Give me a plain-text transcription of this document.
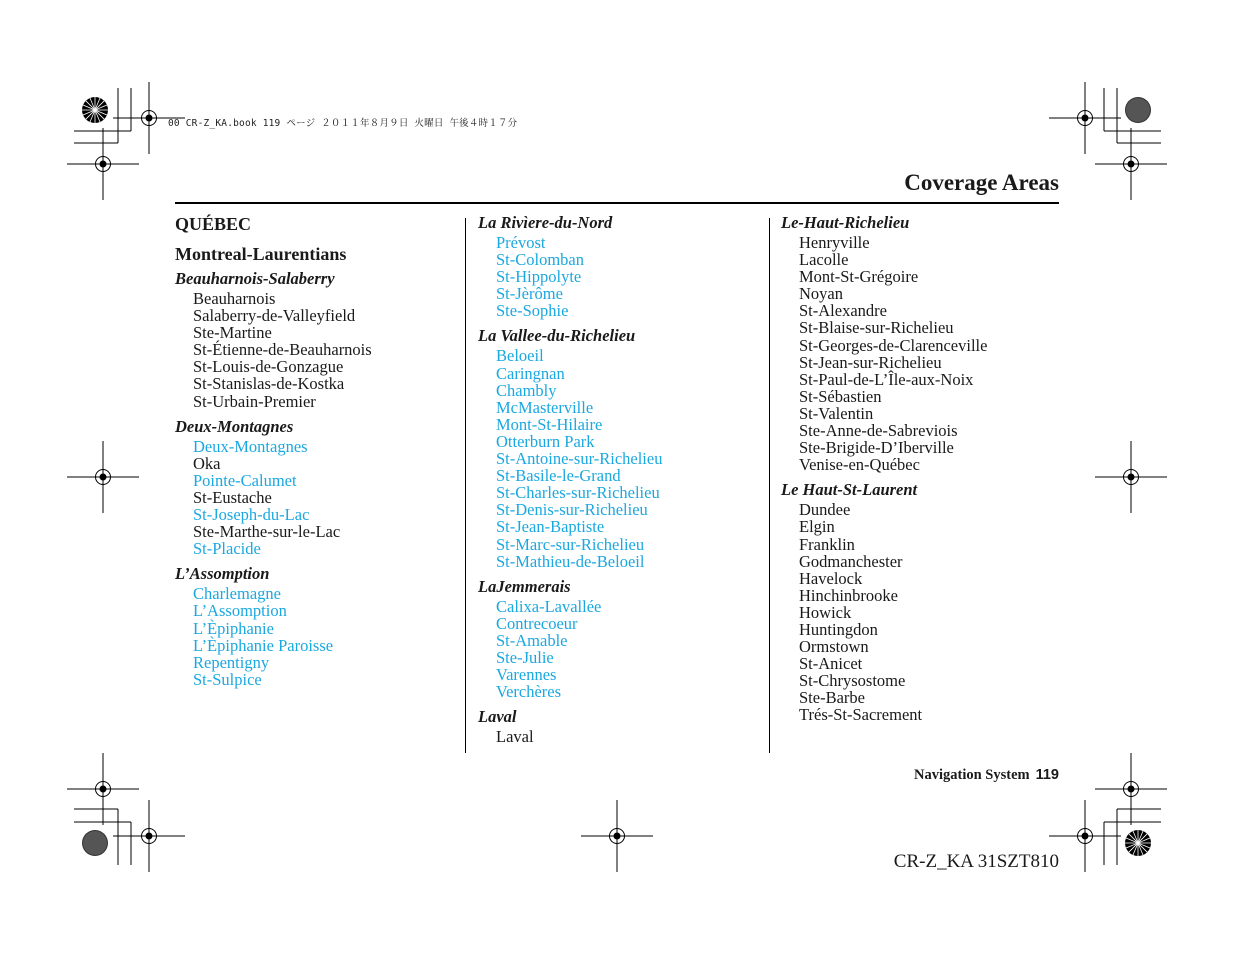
00 CR-Z_KA.book 119 ページ ２０１１年８月９日 火曜日 午後４時１７分
Coverage Areas
QUÉBEC
Montreal-Laurentians
Beauharnois-Salaberry
Beauharnois
Salaberry-de-Valleyfield
Ste-Martine
St-Étienne-de-Beauharnois
St-Louis-de-Gonzague
St-Stanislas-de-Kostka
St-Urbain-Premier
Deux-Montagnes
Deux-Montagnes
Oka
Pointe-Calumet
St-Eustache
St-Joseph-du-Lac
Ste-Marthe-sur-le-Lac
St-Placide
L’Assomption
Charlemagne
L’Assomption
L’Èpiphanie
L’Èpiphanie Paroisse
Repentigny
St-Sulpice
La Rivìere-du-Nord
Prévost
St-Colomban
St-Hippolyte
St-Jèrôme
Ste-Sophie
La Vallee-du-Richelieu
Beloeil
Caringnan
Chambly
McMasterville
Mont-St-Hilaire
Otterburn Park
St-Antoine-sur-Richelieu
St-Basile-le-Grand
St-Charles-sur-Richelieu
St-Denis-sur-Richelieu
St-Jean-Baptiste
St-Marc-sur-Richelieu
St-Mathieu-de-Beloeil
LaJemmerais
Calixa-Lavallée
Contrecoeur
St-Amable
Ste-Julie
Varennes
Verchères
Laval
Laval
Le-Haut-Richelieu
Henryville
Lacolle
Mont-St-Grégoire
Noyan
St-Alexandre
St-Blaise-sur-Richelieu
St-Georges-de-Clarenceville
St-Jean-sur-Richelieu
St-Paul-de-L’Île-aux-Noix
St-Sébastien
St-Valentin
Ste-Anne-de-Sabreviois
Ste-Brigide-D’Iberville
Venise-en-Québec
Le Haut-St-Laurent
Dundee
Elgin
Franklin
Godmanchester
Havelock
Hinchinbrooke
Howick
Huntingdon
Ormstown
St-Anicet
St-Chrysostome
Ste-Barbe
Trés-St-Sacrement
Navigation System 119
CR-Z_KA 31SZT810
